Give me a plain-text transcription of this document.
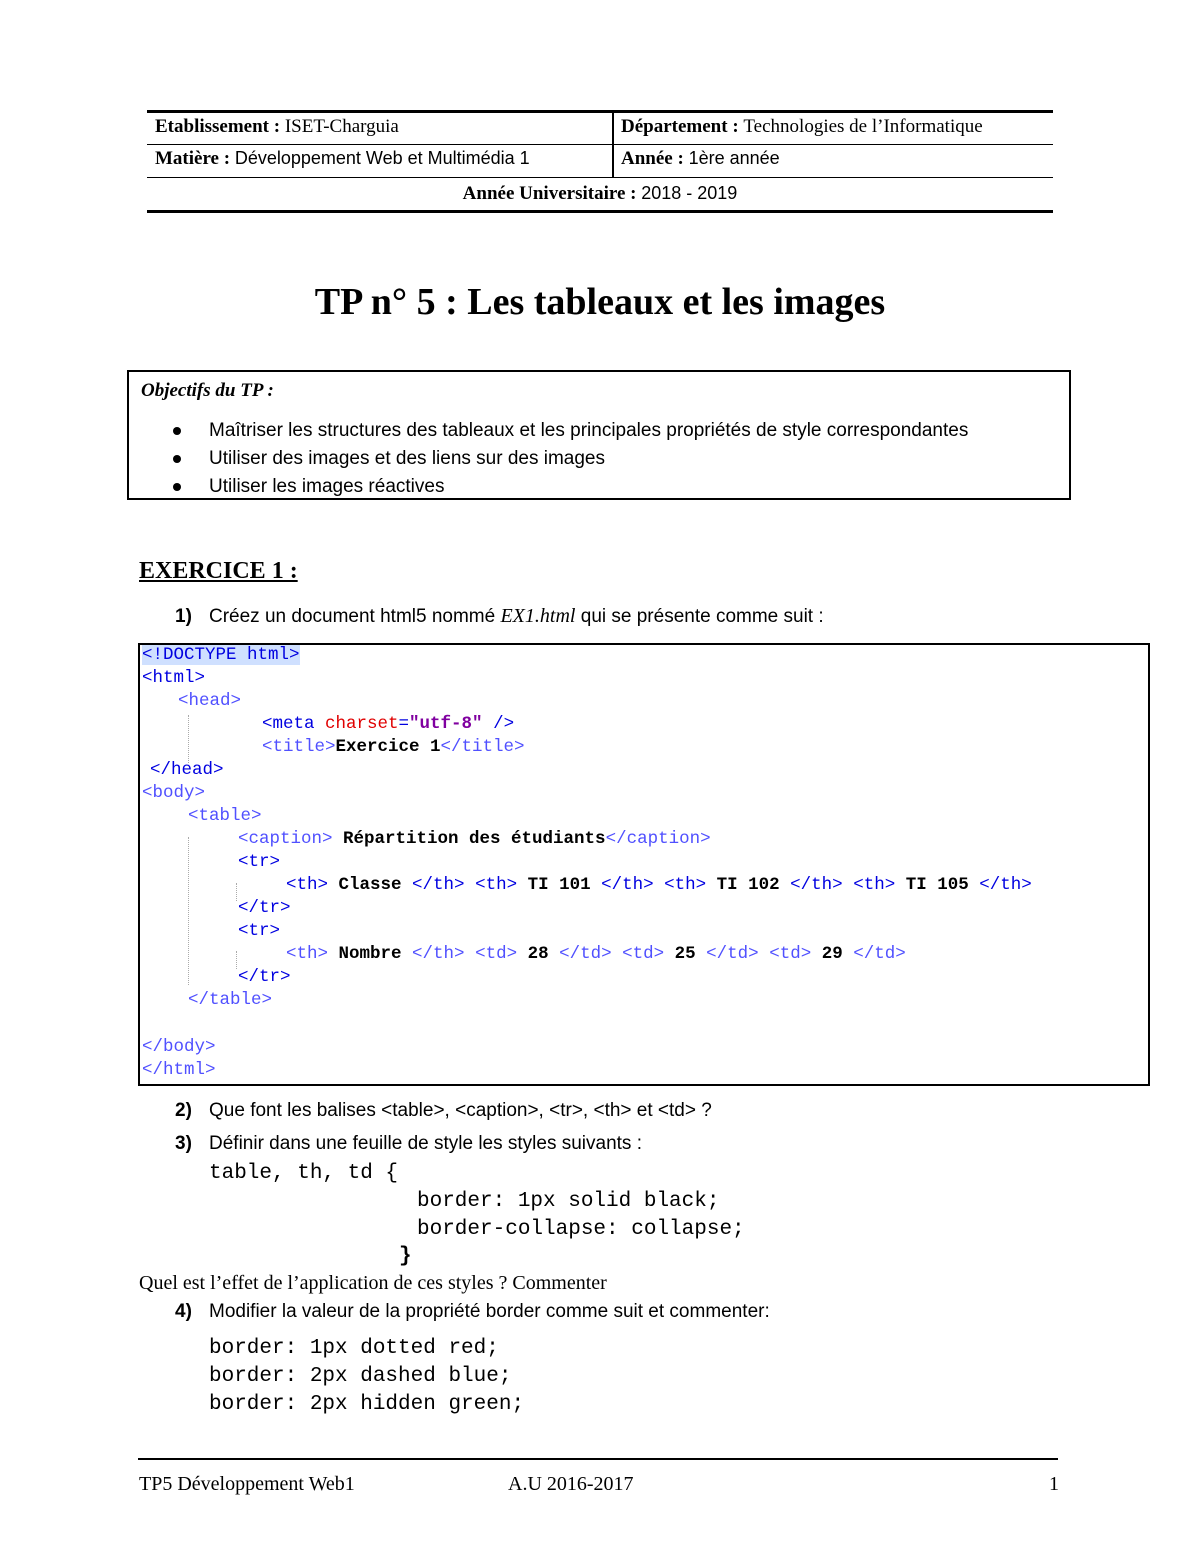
Etablissement : ISET-Charguia	Département : Technologies de l’Informatique
Matière : Développement Web et Multimédia 1	Année : 1ère année
Année Universitaire : 2018 - 2019
TP n° 5 : Les tableaux et les images
Objectifs du TP :
Maîtriser les structures des tableaux et les principales propriétés de style correspondantes
Utiliser des images et des liens sur des images
Utiliser les images réactives
EXERCICE 1 :
1) Créez un document html5 nommé EX1.html qui se présente comme suit :
<!DOCTYPE html>
<html>
<head>
<meta charset="utf-8" />
<title>Exercice 1</title>
</head>
<body>
<table>
<caption> Répartition des étudiants</caption>
<tr>
<th> Classe </th> <th> TI 101 </th> <th> TI 102 </th> <th> TI 105 </th>
</tr>
<tr>
<th> Nombre </th> <td> 28 </td> <td> 25 </td> <td> 29 </td>
</tr>
</table>
</body>
</html>
2) Que font les balises <table>, <caption>, <tr>, <th> et <td> ?
3) Définir dans une feuille de style les styles suivants :
table, th, td {
border: 1px solid black;
border-collapse: collapse;
}
Quel est l’effet de l’application de ces styles ? Commenter
4) Modifier la valeur de la propriété border comme suit et commenter:
border: 1px dotted red;
border: 2px dashed blue;
border: 2px hidden green;
TP5 Développement Web1	A.U 2016-2017	1
